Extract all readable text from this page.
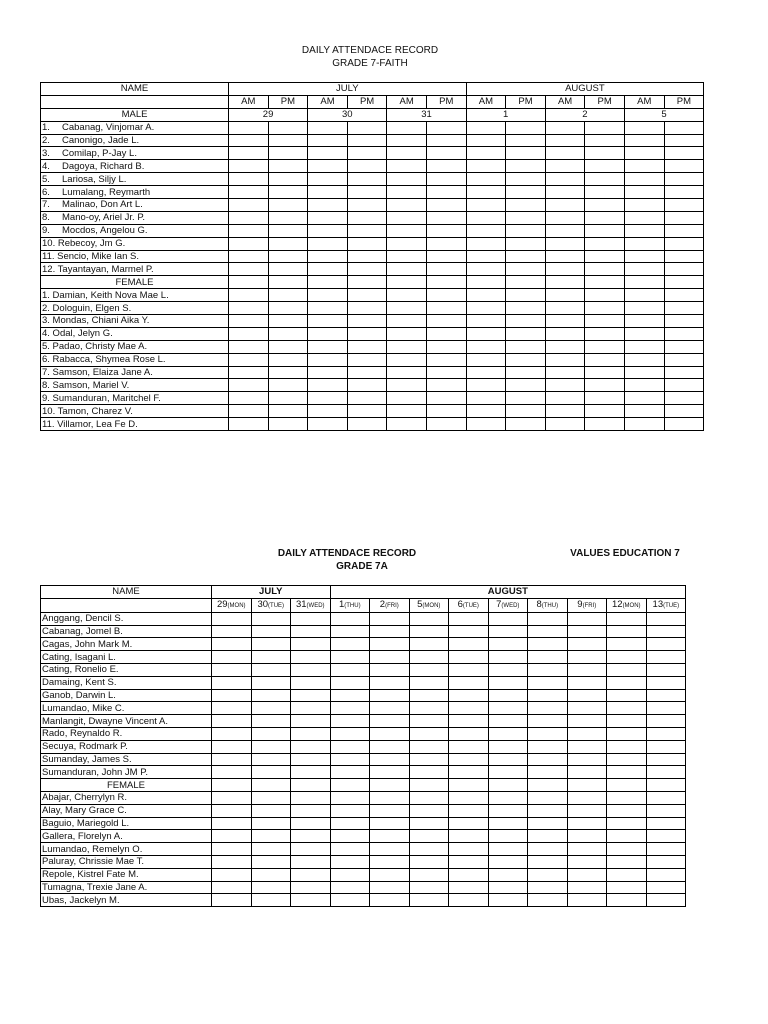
DAILY ATTENDACE RECORD
GRADE 7-FAITH
NAME	JULY						AUGUST					
	AM	PM	AM	PM	AM	PM	AM	PM	AM	PM	AM	PM
MALE	29		30		31		1		2		5	
1. Cabanag, Vinjomar A.												
2. Canonigo, Jade L.												
3. Comilap, P-Jay L.												
4. Dagoya, Richard B.												
5. Lariosa, Siljy L.												
6. Lumalang, Reymarth												
7. Malinao, Don Art L.												
8. Mano-oy, Ariel Jr. P.												
9. Mocdos, Angelou G.												
10. Rebecoy, Jm G.												
11. Sencio, Mike Ian S.												
12. Tayantayan, Marmel P.												
FEMALE												
1. Damian, Keith Nova Mae L.												
2. Dologuin, Elgen S.												
3. Mondas, Chiani Aika Y.												
4. Odal, Jelyn G.												
5. Padao, Christy Mae A.												
6. Rabacca, Shymea Rose L.												
7. Samson, Elaiza Jane A.												
8. Samson, Mariel V.												
9. Sumanduran, Maritchel F.												
10. Tamon, Charez V.												
11. Villamor, Lea Fe D.												
DAILY ATTENDACE RECORD
GRADE 7A
VALUES EDUCATION 7
NAME	JULY			AUGUST								
	29(MON)	30(TUE)	31(WED)	1(THU)	2(FRI)	5(MON)	6(TUE)	7(WED)	8(THU)	9(FRI)	12(MON)	13(TUE)
Anggang, Dencil S.												
Cabanag, Jomel B.												
Cagas, John Mark M.												
Cating, Isagani L.												
Cating, Ronelio E.												
Damaing, Kent S.												
Ganob, Darwin L.												
Lumandao, Mike C.												
Manlangit, Dwayne Vincent A.												
Rado, Reynaldo R.												
Secuya, Rodmark P.												
Sumanday, James S.												
Sumanduran, John JM P.												
FEMALE												
Abajar, Cherrylyn R.												
Alay, Mary Grace C.												
Baguio, Mariegold L.												
Gallera, Florelyn A.												
Lumandao, Remelyn O.												
Paluray, Chrissie Mae T.												
Repole, Kistrel Fate M.												
Tumagna, Trexie Jane A.												
Ubas, Jackelyn M.												
